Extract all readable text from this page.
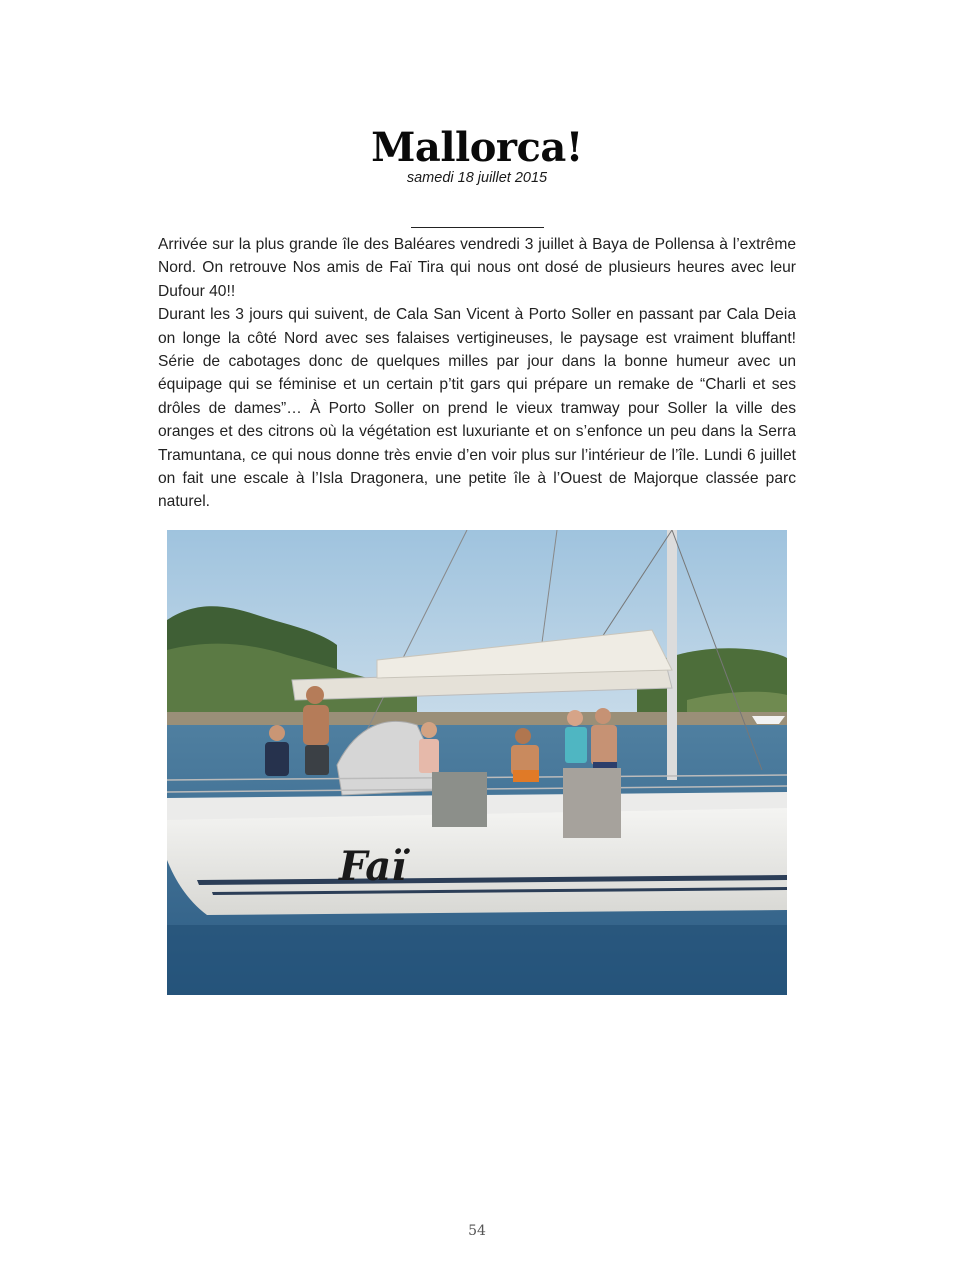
Mallorca!
samedi 18 juillet 2015

Arrivée sur la plus grande île des Baléares vendredi 3 juillet à Baya de Pollensa à l’extrême Nord. On retrouve Nos amis de Faï Tira qui nous ont dosé de plusieurs heures avec leur Dufour 40!!

Durant les 3 jours qui suivent, de Cala San Vicent à Porto Soller en passant par Cala Deia on longe la côté Nord avec ses falaises vertigineuses, le paysage est vraiment bluffant! Série de cabotages donc de quelques milles par jour dans la bonne humeur avec un équipage qui se féminise et un certain p’tit gars qui prépare un remake de “Charli et ses drôles de dames”… À Porto Soller on prend le vieux tramway pour Soller la ville des oranges et des citrons où la végétation est luxuriante et on s’enfonce un peu dans la Serra Tramuntana, ce qui nous donne très envie d’en voir plus sur l’intérieur de l’île. Lundi 6 juillet on fait une escale à l’Isla Dragonera, une petite île à l’Ouest de Majorque classée parc naturel.

Faï
54
